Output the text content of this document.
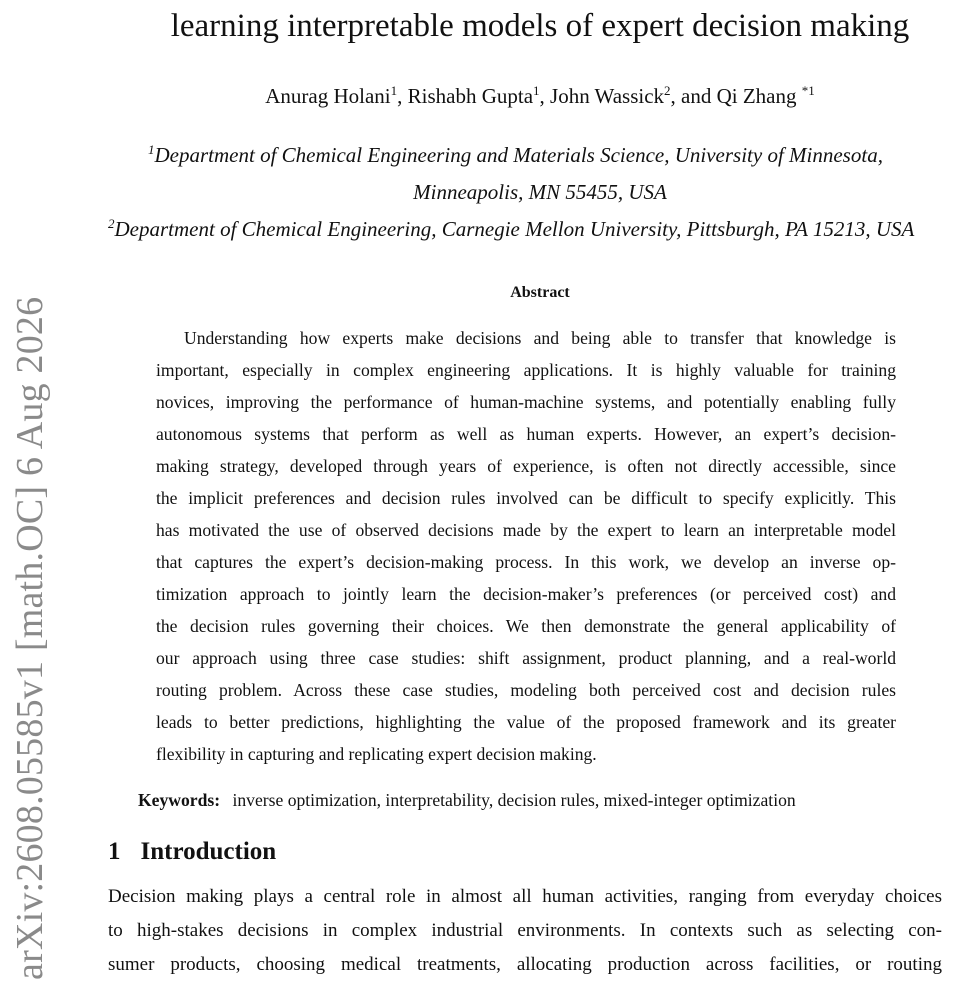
arXiv:2608.05585v1 [math.OC] 6 Aug 2026
learning interpretable models of expert decision making
Anurag Holani$^1$, Rishabh Gupta$^1$, John Wassick$^2$, and Qi Zhang $^{*1}$
$^1$Department of Chemical Engineering and Materials Science, University of Minnesota,
Minneapolis, MN 55455, USA
$^2$Department of Chemical Engineering, Carnegie Mellon University, Pittsburgh, PA 15213, USA
Abstract
Understanding how experts make decisions and being able to transfer that knowledge is
important, especially in complex engineering applications. It is highly valuable for training
novices, improving the performance of human-machine systems, and potentially enabling fully
autonomous systems that perform as well as human experts. However, an expert’s decision-
making strategy, developed through years of experience, is often not directly accessible, since
the implicit preferences and decision rules involved can be difficult to specify explicitly. This
has motivated the use of observed decisions made by the expert to learn an interpretable model
that captures the expert’s decision-making process. In this work, we develop an inverse op-
timization approach to jointly learn the decision-maker’s preferences (or perceived cost) and
the decision rules governing their choices. We then demonstrate the general applicability of
our approach using three case studies: shift assignment, product planning, and a real-world
routing problem. Across these case studies, modeling both perceived cost and decision rules
leads to better predictions, highlighting the value of the proposed framework and its greater
flexibility in capturing and replicating expert decision making.
Keywords: inverse optimization, interpretability, decision rules, mixed-integer optimization
1 Introduction
Decision making plays a central role in almost all human activities, ranging from everyday choices
to high-stakes decisions in complex industrial environments. In contexts such as selecting con-
sumer products, choosing medical treatments, allocating production across facilities, or routing
